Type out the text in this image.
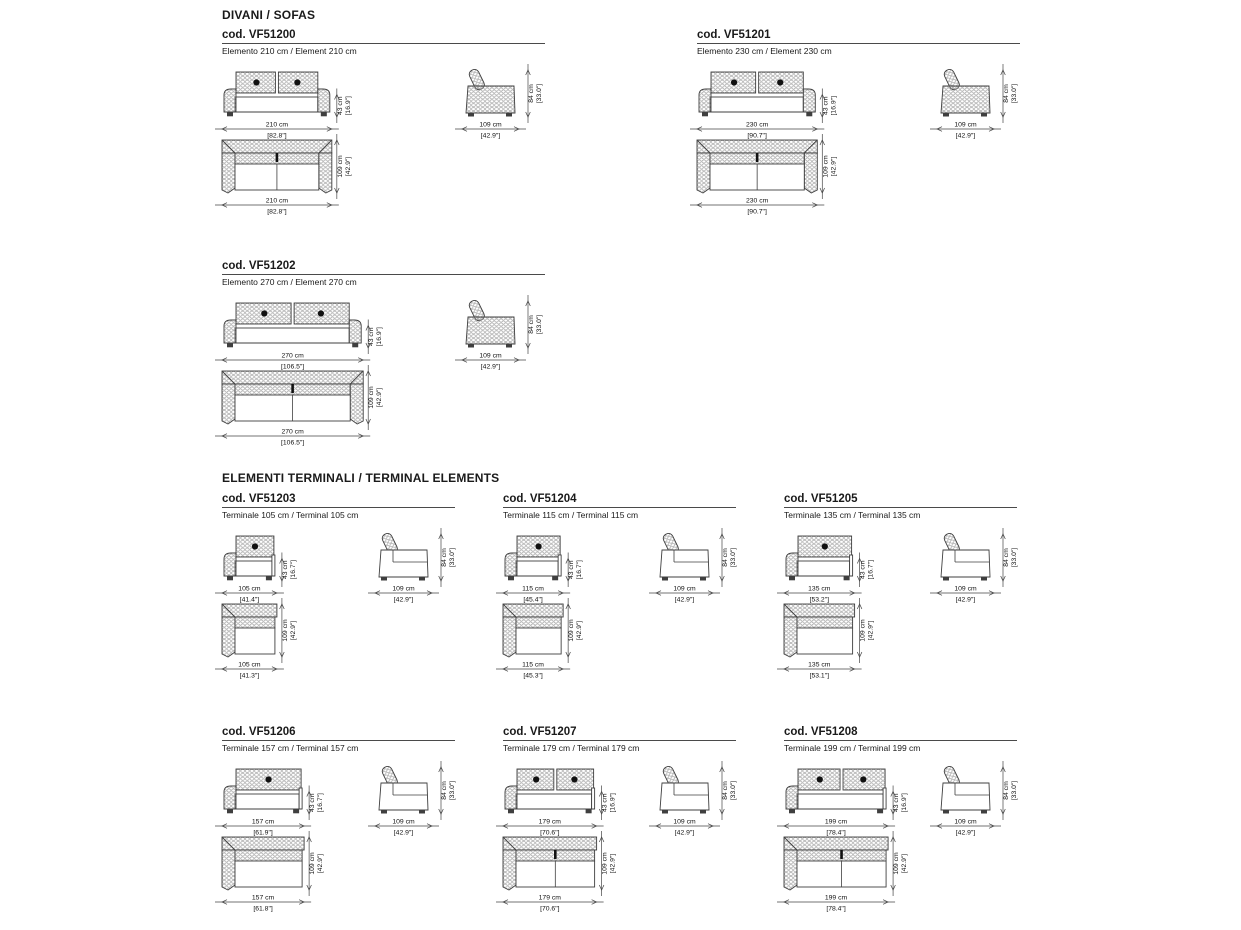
DIVANI / SOFAS
cod. VF51200
Elemento 210 cm / Element 210 cm
210 cm
[82.8"]
43 cm [16.9"]
109 cm
[42.9"]
84 cm [33.0"]
210 cm
[82.8"]
109 cm [42.9"]
cod. VF51201
Elemento 230 cm / Element 230 cm
230 cm
[90.7"]
43 cm [16.9"]
109 cm
[42.9"]
84 cm [33.0"]
230 cm
[90.7"]
109 cm [42.9"]
cod. VF51202
Elemento 270 cm / Element 270 cm
270 cm
[106.5"]
43 cm [16.9"]
109 cm
[42.9"]
84 cm [33.0"]
270 cm
[106.5"]
109 cm [42.9"]
ELEMENTI TERMINALI / TERMINAL ELEMENTS
cod. VF51203
Terminale 105 cm / Terminal 105 cm
105 cm
[41.4"]
43 cm [16.7"]
109 cm
[42.9"]
84 cm [33.0"]
105 cm
[41.3"]
109 cm [42.9"]
cod. VF51204
Terminale 115 cm / Terminal 115 cm
115 cm
[45.4"]
43 cm [16.7"]
109 cm
[42.9"]
84 cm [33.0"]
115 cm
[45.3"]
109 cm [42.9"]
cod. VF51205
Terminale 135 cm / Terminal 135 cm
135 cm
[53.2"]
43 cm [16.7"]
109 cm
[42.9"]
84 cm [33.0"]
135 cm
[53.1"]
109 cm [42.9"]
cod. VF51206
Terminale 157 cm / Terminal 157 cm
157 cm
[61.9"]
43 cm [16.7"]
109 cm
[42.9"]
84 cm [33.0"]
157 cm
[61.8"]
109 cm [42.9"]
cod. VF51207
Terminale 179 cm / Terminal 179 cm
179 cm
[70.6"]
43 cm [16.9"]
109 cm
[42.9"]
84 cm [33.0"]
179 cm
[70.6"]
109 cm [42.9"]
cod. VF51208
Terminale 199 cm / Terminal 199 cm
199 cm
[78.4"]
43 cm [16.9"]
109 cm
[42.9"]
84 cm [33.0"]
199 cm
[78.4"]
109 cm [42.9"]
